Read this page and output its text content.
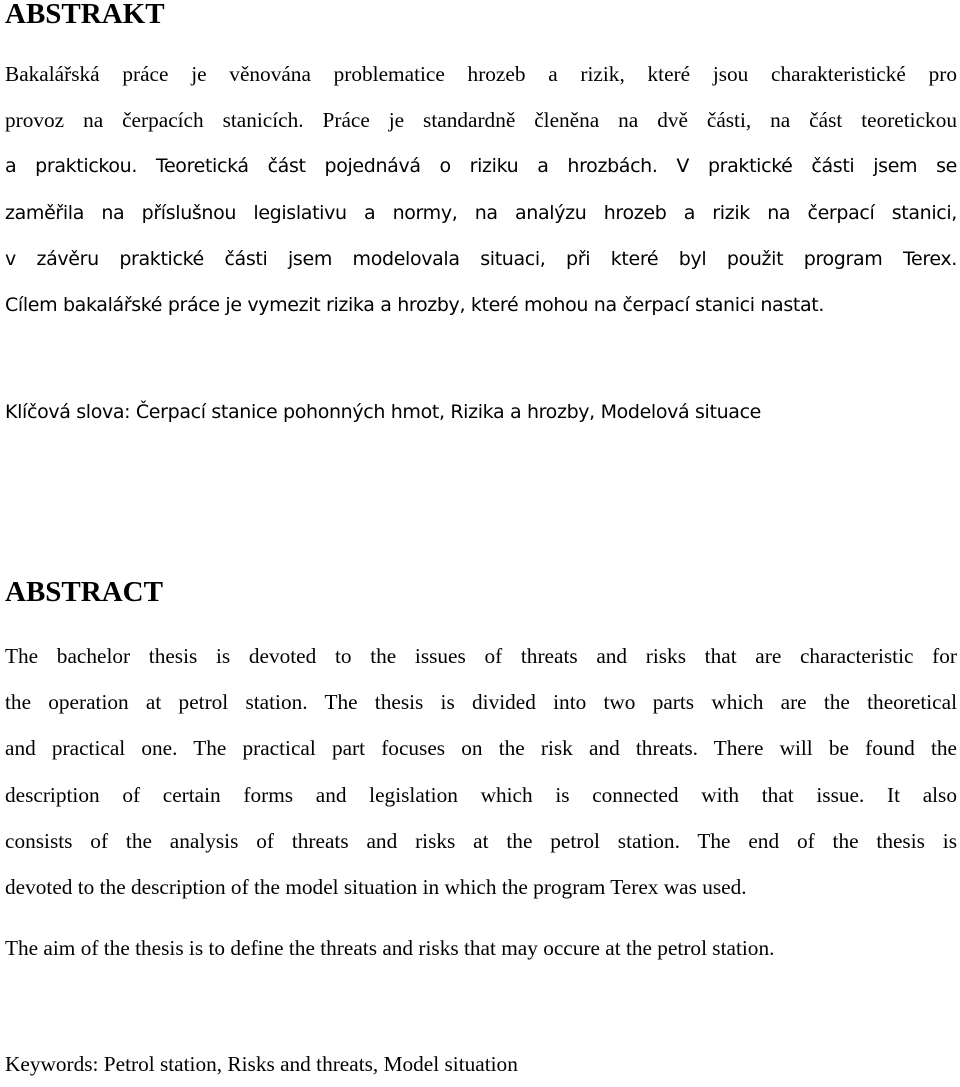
ABSTRAKT
Bakalářská práce je věnována problematice hrozeb a rizik, které jsou charakteristické pro
provoz na čerpacích stanicích. Práce je standardně členěna na dvě části, na část teoretickou
a praktickou. Teoretická část pojednává o riziku a hrozbách. V praktické části jsem se
zaměřila na příslušnou legislativu a normy, na analýzu hrozeb a rizik na čerpací stanici,
v závěru praktické části jsem modelovala situaci, při které byl použit program Terex.
Cílem bakalářské práce je vymezit rizika a hrozby, které mohou na čerpací stanici nastat.

Klíčová slova: Čerpací stanice pohonných hmot, Rizika a hrozby, Modelová situace

ABSTRACT
The bachelor thesis is devoted to the issues of threats and risks that are characteristic for
the operation at petrol station. The thesis is divided into two parts which are the theoretical
and practical one. The practical part focuses on the risk and threats. There will be found the
description of certain forms and legislation which is connected with that issue. It also
consists of the analysis of threats and risks at the petrol station. The end of the thesis is
devoted to the description of the model situation in which the program Terex was used.

The aim of the thesis is to define the threats and risks that may occure at the petrol station.

Keywords: Petrol station, Risks and threats, Model situation
